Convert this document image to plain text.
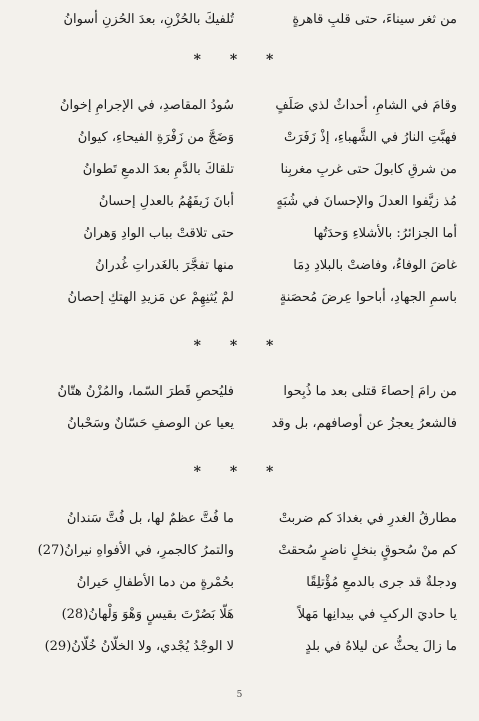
من ثغر سيناءَ، حتى قلبِ قاهرةٍ
تُلفيكَ بالحُزْنِ، بعدَ الحُزنِ أسوانُ
* * *
وقامَ في الشامِ، أحداثٌ لذي صَلَفٍ
سُودُ المقاصدِ، في الإجرامِ إخوانُ
فهبَّتِ النارُ في الشَّهباءِ، إذْ زَفَرَتْ
وَضَجَّ من زَفْرَةِ الفيحاءِ، كيوانُ
من شرقِ كابولَ حتى غربِ مغربِنا
تلقاكَ بالدَّمِ بعدَ الدمعِ تَطوانُ
مُذ زيَّفوا العدلَ والإحسانَ في شُبَهٍ
أبانَ زَيفَهُمُ بالعدلِ إحسانُ
أما الجزائرُ: بالأشلاءِ وَحدَتُها
حتى تلاقتْ بباب الوادِ وَهرانُ
غاضَ الوفاءُ، وفاضتْ بالبلادِ دِمَا
منها تفجَّرَ بالغَدراتِ غُدرانُ
باسمِ الجهادِ، أباحوا عِرضَ مُحصَنةٍ
لمْ يُثنِهِمْ عن مَزيدِ الهتكِ إحصانُ
* * *
من رامَ إحصاءَ قتلى بعد ما ذُبِحوا
فليُحصِ قَطرَ السّما، والمُزْنُ هتّانُ
فالشعرُ يعجزُ عن أوصافهم، بل وقد
يعيا عن الوصفِ حَسّانٌ وسَحْبانُ
* * *
مطارقُ الغدرِ في بغدادَ كم ضربتْ
ما فُتَّ عظمٌ لها، بل فُتَّ سَندانُ
كم منْ سُحوقٍ بنخلٍ ناضرٍ سُحقتْ
والتمرُ كالجمرِ، في الأفواهِ نيرانُ(27)
ودجلةٌ قد جرى بالدمعِ مُؤْتلِقًا
بحُمْرةٍ من دما الأطفالِ حَيرانُ
يا حاديَ الركبِ في بيدانِها مَهلاً
هَلّا بَصُرْتَ بقيسٍ وَهْوَ وَلْهانُ(28)
ما زالَ يحثُّ عن ليلاهُ في بلدٍ
لا الوجْدُ يُجْدي، ولا الخلّانُ خُلّانُ(29)
5
